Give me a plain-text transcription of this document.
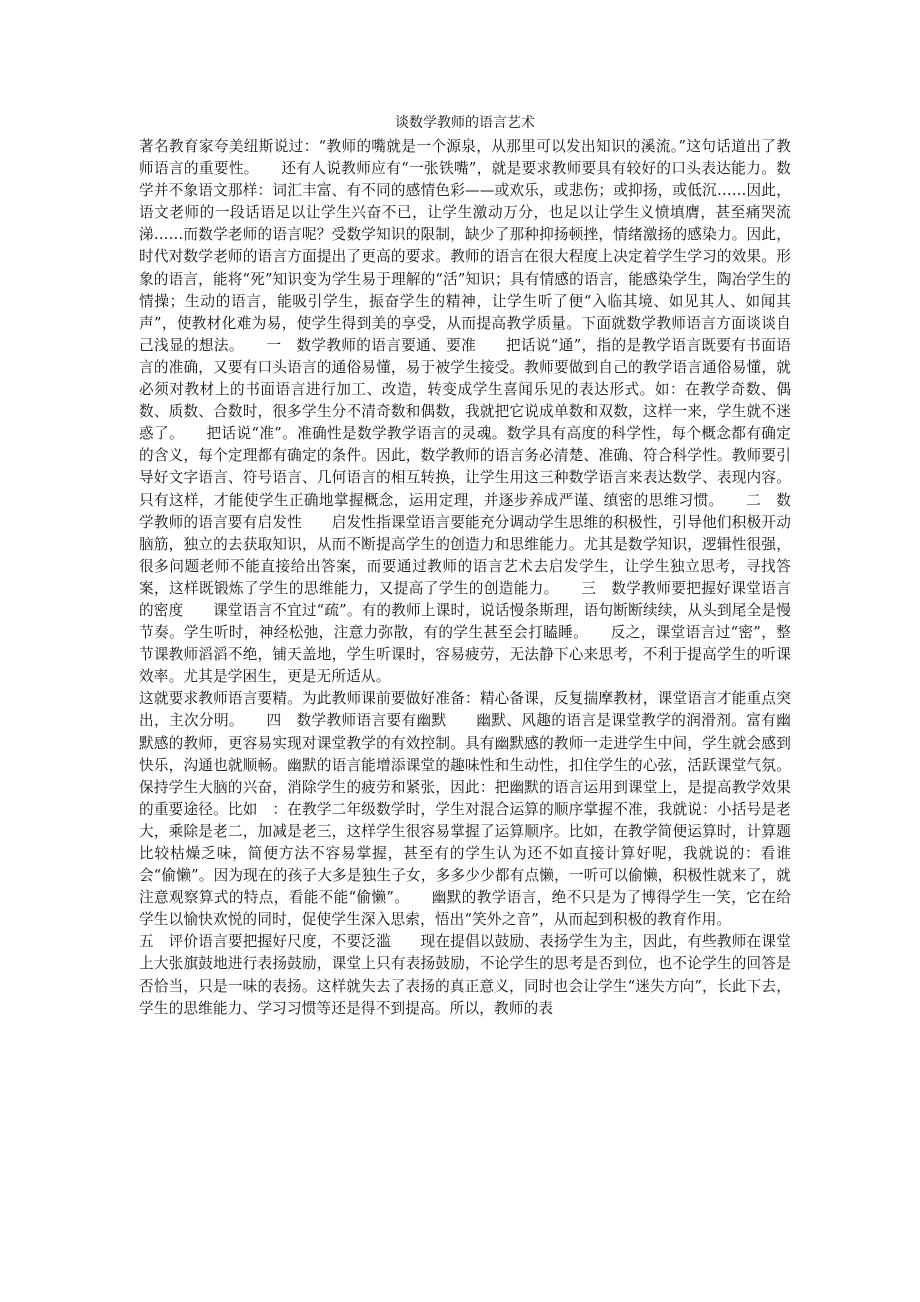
谈数学教师的语言艺术

著名教育家夸美纽斯说过：“教师的嘴就是一个源泉，从那里可以发出知识的溪流。”这句话道出了教师语言的重要性。　　还有人说教师应有“一张铁嘴”，就是要求教师要具有较好的口头表达能力。数学并不象语文那样：词汇丰富、有不同的感情色彩——或欢乐，或悲伤；或抑扬，或低沉……因此，语文老师的一段话语足以让学生兴奋不已，让学生激动万分，也足以让学生义愤填膺，甚至痛哭流涕……而数学老师的语言呢？受数学知识的限制，缺少了那种抑扬顿挫，情绪激扬的感染力。因此，时代对数学老师的语言方面提出了更高的要求。教师的语言在很大程度上决定着学生学习的效果。形象的语言，能将“死”知识变为学生易于理解的“活”知识；具有情感的语言，能感染学生，陶冶学生的情操；生动的语言，能吸引学生，振奋学生的精神，让学生听了便“入临其境、如见其人、如闻其声”，使教材化难为易，使学生得到美的享受，从而提高教学质量。下面就数学教师语言方面谈谈自己浅显的想法。　　一　数学教师的语言要通、要准　　把话说“通”，指的是教学语言既要有书面语言的准确，又要有口头语言的通俗易懂，易于被学生接受。教师要做到自己的教学语言通俗易懂，就必须对教材上的书面语言进行加工、改造，转变成学生喜闻乐见的表达形式。如：在教学奇数、偶数、质数、合数时，很多学生分不清奇数和偶数，我就把它说成单数和双数，这样一来，学生就不迷惑了。　　把话说“准”。准确性是数学教学语言的灵魂。数学具有高度的科学性，每个概念都有确定的含义，每个定理都有确定的条件。因此，数学教师的语言务必清楚、准确、符合科学性。教师要引导好文字语言、符号语言、几何语言的相互转换，让学生用这三种数学语言来表达数学、表现内容。只有这样，才能使学生正确地掌握概念，运用定理，并逐步养成严谨、缜密的思维习惯。　　二　数学教师的语言要有启发性　　启发性指课堂语言要能充分调动学生思维的积极性，引导他们积极开动脑筋，独立的去获取知识，从而不断提高学生的创造力和思维能力。尤其是数学知识，逻辑性很强，很多问题老师不能直接给出答案，而要通过教师的语言艺术去启发学生，让学生独立思考，寻找答案，这样既锻炼了学生的思维能力，又提高了学生的创造能力。　　三　数学教师要把握好课堂语言的密度　　课堂语言不宜过“疏”。有的教师上课时，说话慢条斯理，语句断断续续，从头到尾全是慢节奏。学生听时，神经松弛，注意力弥散，有的学生甚至会打瞌睡。　　反之，课堂语言过“密”，整节课教师滔滔不绝，铺天盖地，学生听课时，容易疲劳，无法静下心来思考，不利于提高学生的听课效率。尤其是学困生，更是无所适从。

这就要求教师语言要精。为此教师课前要做好准备：精心备课，反复揣摩教材，课堂语言才能重点突出，主次分明。　　四　数学教师语言要有幽默　　幽默、风趣的语言是课堂教学的润滑剂。富有幽默感的教师，更容易实现对课堂教学的有效控制。具有幽默感的教师一走进学生中间，学生就会感到快乐，沟通也就顺畅。幽默的语言能增添课堂的趣味性和生动性，扣住学生的心弦，活跃课堂气氛。保持学生大脑的兴奋，消除学生的疲劳和紧张，因此：把幽默的语言运用到课堂上，是提高教学效果的重要途径。比如　：在教学二年级数学时，学生对混合运算的顺序掌握不准，我就说：小括号是老大，乘除是老二，加减是老三，这样学生很容易掌握了运算顺序。比如，在教学简便运算时，计算题比较枯燥乏味，简便方法不容易掌握，甚至有的学生认为还不如直接计算好呢，我就说的：看谁会“偷懒”。因为现在的孩子大多是独生子女，多多少少都有点懒，一听可以偷懒，积极性就来了，就注意观察算式的特点，看能不能“偷懒”。　　幽默的教学语言，绝不只是为了博得学生一笑，它在给学生以愉快欢悦的同时，促使学生深入思索，悟出“笑外之音”，从而起到积极的教育作用。

五　评价语言要把握好尺度，不要泛滥　　现在提倡以鼓励、表扬学生为主，因此，有些教师在课堂上大张旗鼓地进行表扬鼓励，课堂上只有表扬鼓励，不论学生的思考是否到位，也不论学生的回答是否恰当，只是一味的表扬。这样就失去了表扬的真正意义，同时也会让学生“迷失方向”，长此下去，学生的思维能力、学习习惯等还是得不到提高。所以，教师的表
